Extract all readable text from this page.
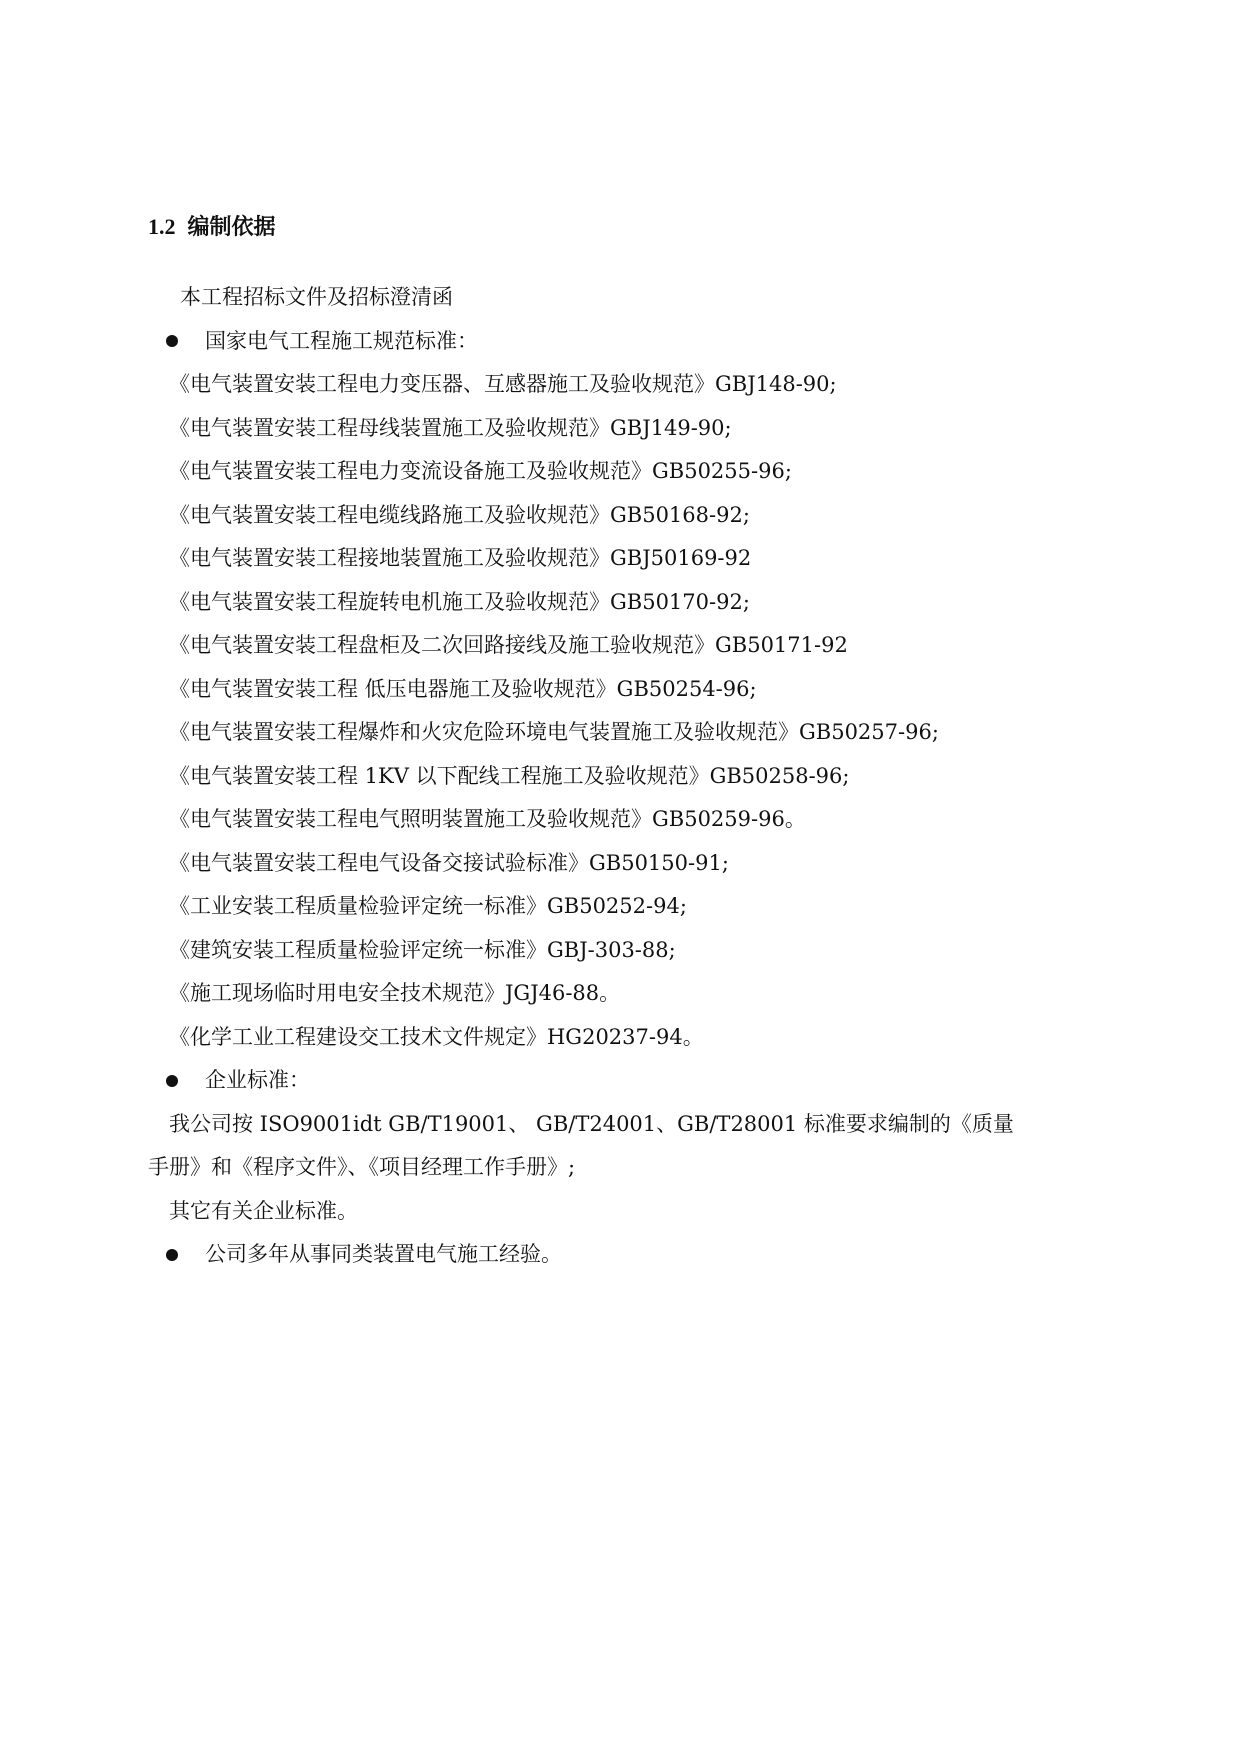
1.2 编制依据
本工程招标文件及招标澄清函
国家电气工程施工规范标准：
《电气装置安装工程电力变压器、互感器施工及验收规范》GBJ148-90;
《电气装置安装工程母线装置施工及验收规范》GBJ149-90;
《电气装置安装工程电力变流设备施工及验收规范》GB50255-96;
《电气装置安装工程电缆线路施工及验收规范》GB50168-92;
《电气装置安装工程接地装置施工及验收规范》GBJ50169-92
《电气装置安装工程旋转电机施工及验收规范》GB50170-92;
《电气装置安装工程盘柜及二次回路接线及施工验收规范》GB50171-92
《电气装置安装工程 低压电器施工及验收规范》GB50254-96;
《电气装置安装工程爆炸和火灾危险环境电气装置施工及验收规范》GB50257-96;
《电气装置安装工程 1KV 以下配线工程施工及验收规范》GB50258-96;
《电气装置安装工程电气照明装置施工及验收规范》GB50259-96。
《电气装置安装工程电气设备交接试验标准》GB50150-91;
《工业安装工程质量检验评定统一标准》GB50252-94;
《建筑安装工程质量检验评定统一标准》GBJ-303-88;
《施工现场临时用电安全技术规范》JGJ46-88。
《化学工业工程建设交工技术文件规定》HG20237-94。
企业标准：
我公司按 ISO9001idt GB/T19001、 GB/T24001、GB/T28001 标准要求编制的《质量
手册》和《程序文件》、《项目经理工作手册》;
其它有关企业标准。
公司多年从事同类装置电气施工经验。
